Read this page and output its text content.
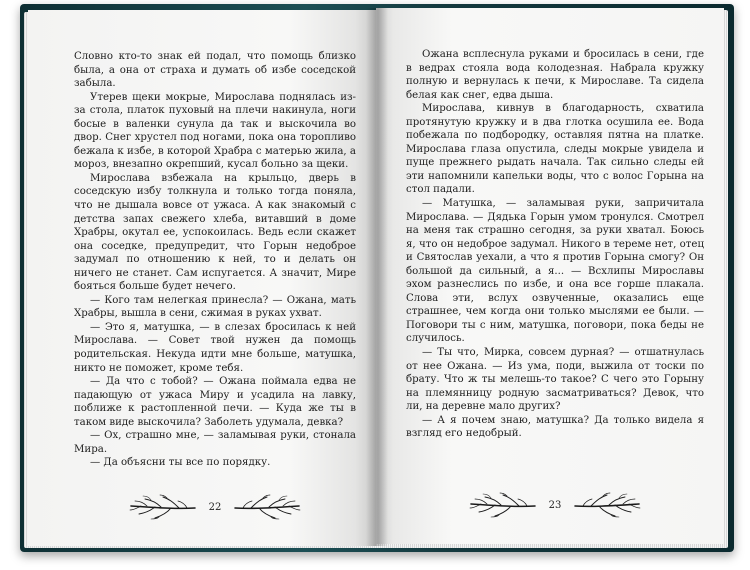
Словно кто-то знак ей подал, что помощь близко была, а она от страха и думать об избе соседской забыла.

Утерев щеки мокрые, Мирослава поднялась из-за стола, платок пуховый на плечи накинула, ноги босые в валенки сунула да так и выскочила во двор. Снег хрустел под ногами, пока она торопливо бежала к избе, в которой Храбра с матерью жила, а мороз, внезапно окрепший, кусал больно за щеки.

Мирослава взбежала на крыльцо, дверь в соседскую избу толкнула и только тогда поняла, что не дышала вовсе от ужаса. А как знакомый с детства запах свежего хлеба, витавший в доме Храбры, окутал ее, успокоилась. Ведь если скажет она соседке, предупредит, что Горын недоброе задумал по отношению к ней, то и делать он ничего не станет. Сам испугается. А значит, Мире бояться больше будет нечего.

— Кого там нелегкая принесла? — Ожана, мать Храбры, вышла в сени, сжимая в руках ухват.

— Это я, матушка, — в слезах бросилась к ней Мирослава. — Совет твой нужен да помощь родительская. Некуда идти мне больше, матушка, никто не поможет, кроме тебя.

— Да что с тобой? — Ожана поймала едва не падающую от ужаса Миру и усадила на лавку, поближе к растопленной печи. — Куда же ты в таком виде выскочила? Заболеть удумала, девка?

— Ох, страшно мне, — заламывая руки, стонала Мира.

— Да объясни ты все по порядку.

22

Ожана всплеснула руками и бросилась в сени, где в ведрах стояла вода колодезная. Набрала кружку полную и вернулась к печи, к Мирославе. Та сидела белая как снег, едва дыша.

Мирослава, кивнув в благодарность, схватила протянутую кружку и в два глотка осушила ее. Вода побежала по подбородку, оставляя пятна на платке. Мирослава глаза опустила, следы мокрые увидела и пуще прежнего рыдать начала. Так сильно следы ей эти напомнили капельки воды, что с волос Горына на стол падали.

— Матушка, — заламывая руки, запричитала Мирослава. — Дядька Горын умом тронулся. Смотрел на меня так страшно сегодня, за руки хватал. Боюсь я, что он недоброе задумал. Никого в тереме нет, отец и Святослав уехали, а что я против Горына смогу? Он большой да сильный, а я... — Всхлипы Мирославы эхом разнеслись по избе, и она все горше плакала. Слова эти, вслух озвученные, оказались еще страшнее, чем когда они только мыслями ее были. — Поговори ты с ним, матушка, поговори, пока беды не случилось.

— Ты что, Мирка, совсем дурная? — отшатнулась от нее Ожана. — Из ума, поди, выжила от тоски по брату. Что ж ты мелешь-то такое? С чего это Горыну на племянницу родную засматриваться? Девок, что ли, на деревне мало других?

— А я почем знаю, матушка? Да только видела я взгляд его недобрый.

23
